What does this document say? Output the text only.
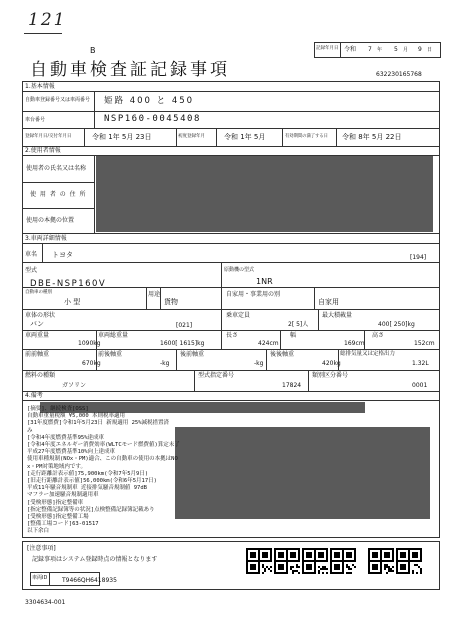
121
B	記録年月日 令和 7 年 5 月 9 日
自動車検査証記録事項	632230165768
1.基本情報
自動車登録番号又は車両番号 姫路 400 と 450
車台番号	NSP160-0045408
登録年月日/交付年月日	令和 1年 5月 23日	初度登録年月	令和 1年 5月	有効期間の満了する日 令和 8年 5月 22日
2.使用者情報
使用者の氏名又は名称
使 用 者 の 住 所
使用の本拠の位置
3.車両詳細情報
車名 トヨタ	[194]
型式
DBE-NSP160V
原動機の型式
1NR
自動車の種別
小 型
用途
貨物
自家用・事業用の別
自家用
車体の形状
バン	[021]
乗車定員
2[ 5]人
最大積載量
400[ 250]kg
車両重量
1090kg
車両総重量
1600[ 1615]kg
長さ
424cm
幅
169cm
高さ
152cm
前前軸重
670kg
前後軸重
-kg
後前軸重
-kg
後後軸重
420kg
総排気量又は定格出力
1.32L
燃料の種類
ガソリン
型式指定番号
17824
類別区分番号
0001
4.備考
[摘要]、継続検査[OSS]
自動車重量税額 ¥5,000 本則税率適用
[31年度燃費]令和1年5月23日 新規適用 25%減税措置済
み
[令和4年度燃費基準95%達成車
[令和4年度エネルギー消費効率(WLTCモード燃費値)算定未了
平成27年度燃費基準10%向上達成車
使用車種規制(NOx・PM)適合、この自動車の使用の本拠はNO
x・PM対策地域内です。
[走行距離計表示値]75,900km(令和7年5月9日)
[旧走行距離計表示値]56,000km(令和6年5月17日)
平成11年騒音規制車 近接排気騒音規制値 97dB
マフラー加速騒音規制適用車
[受検形態]指定整備車
[指定整備記録簿等の状況]点検整備記録簿記載あり
[受検形態]指定整備工場
[整備工場コード]63-01517
以下余白
[注意事項]
記録事項はシステム登録時点の情報となります
車両ID T9466QH6418935
3304634-001
